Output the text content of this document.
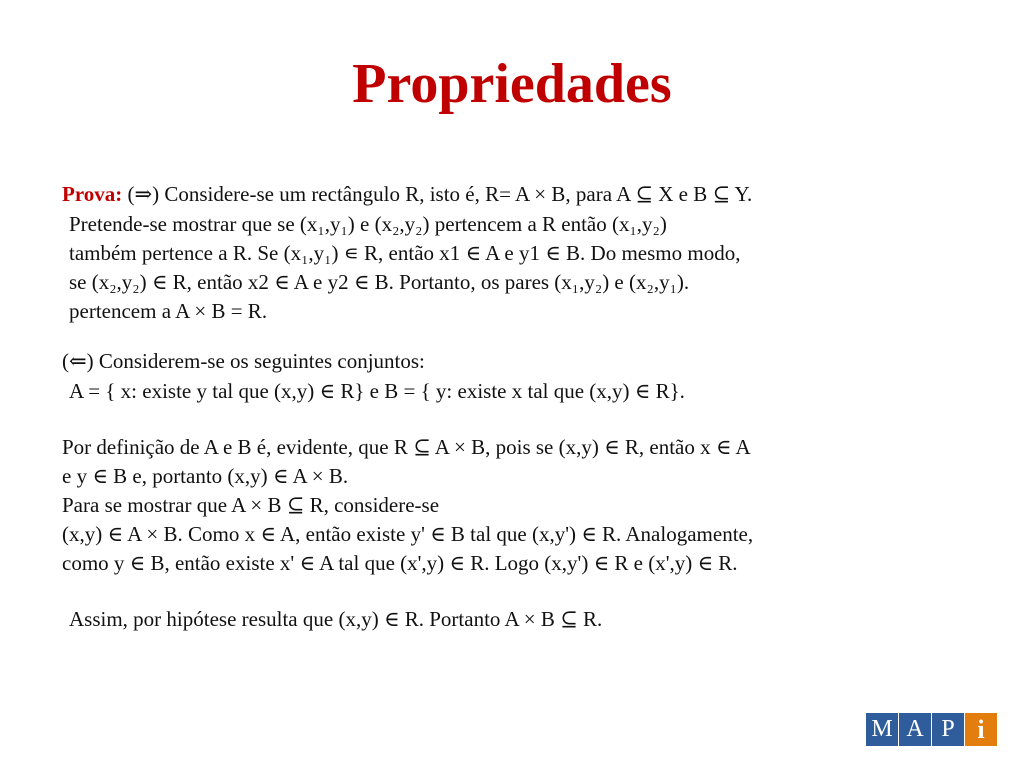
Propriedades
Prova: (⇒) Considere-se um rectângulo R, isto é, R= A × B, para A ⊆ X e B ⊆ Y.
Pretende-se mostrar que se (x₁,y₁) e (x₂,y₂) pertencem a R então (x₁,y₂)
também pertence a R. Se (x₁,y₁) ∊ R, então x1 ∈ A e y1 ∈ B. Do mesmo modo,
se (x₂,y₂) ∈ R, então x2 ∈ A e y2 ∈ B. Portanto, os pares (x₁,y₂) e (x₂,y₁).
pertencem a A × B = R.
(⇐) Considerem-se os seguintes conjuntos:
A = { x: existe y tal que (x,y) ∈ R} e B = { y: existe x tal que (x,y) ∈ R}.
Por definição de A e B é, evidente, que R ⊆ A × B, pois se (x,y) ∈ R, então x ∈ A
e y ∈ B e, portanto (x,y) ∈ A × B.
Para se mostrar que A × B ⊆ R, considere-se
(x,y) ∈ A × B. Como x ∈ A, então existe y' ∈ B tal que (x,y') ∈ R. Analogamente,
como y ∈ B, então existe x' ∈ A tal que (x',y) ∈ R. Logo (x,y') ∈ R e (x',y) ∈ R.
Assim, por hipótese resulta que (x,y) ∈ R. Portanto A × B ⊆ R.
M A P i
